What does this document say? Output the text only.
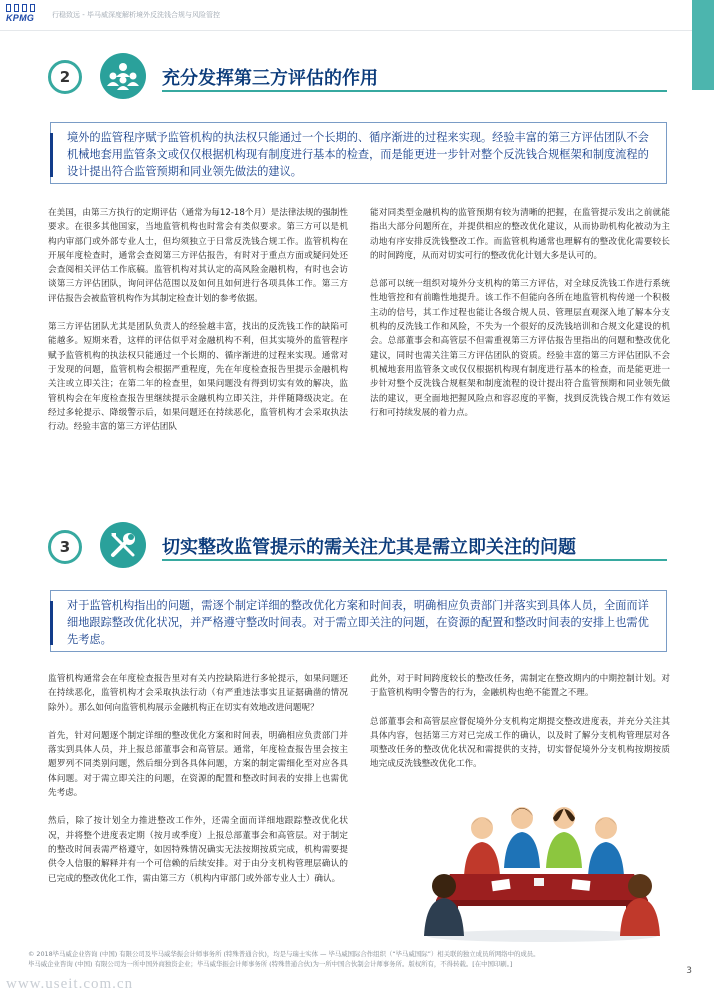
KPMG	行稳致远 - 毕马威深度解析境外反洗钱合规与风险管控
2	充分发挥第三方评估的作用
境外的监管程序赋予监管机构的执法权只能通过一个长期的、循序渐进的过程来实现。经验丰富的第三方评估团队不会机械地套用监管条文或仅仅根据机构现有制度进行基本的检查，而是能更进一步针对整个反洗钱合规框架和制度流程的设计提出符合监管预期和同业领先做法的建议。

在美国，由第三方执行的定期评估（通常为每12-18个月）是法律法规的强制性要求。在很多其他国家，当地监管机构也时常会有类似要求。第三方可以是机构内审部门或外部专业人士，但均须独立于日常反洗钱合规工作。监管机构在开展年度检查时，通常会查阅第三方评估报告，有时对于重点方面或疑问处还会查阅相关评估工作底稿。监管机构对其认定的高风险金融机构，有时也会访谈第三方评估团队，询问评估范围以及如何且如何进行各项具体工作。第三方评估报告会被监管机构作为其制定检查计划的参考依据。

第三方评估团队尤其是团队负责人的经验越丰富，找出的反洗钱工作的缺陷可能越多。短期来看，这样的评估似乎对金融机构不利，但其实境外的监管程序赋予监管机构的执法权只能通过一个长期的、循序渐进的过程来实现。通常对于发现的问题，监管机构会根据严重程度，先在年度检查报告里提示金融机构关注或立即关注；在第二年的检查里，如果问题没有得到切实有效的解决，监管机构会在年度检查报告里继续提示金融机构立即关注，并伴随降级决定。在经过多轮提示、降级警示后，如果问题还在持续恶化，监管机构才会采取执法行动。经验丰富的第三方评估团队

能对同类型金融机构的监管预期有较为清晰的把握，在监管提示发出之前就能指出大部分问题所在，并提供相应的整改优化建议，从而协助机构化被动为主动地有序安排反洗钱整改工作。而监管机构通常也理解有的整改优化需要较长的时间跨度，从而对切实可行的整改优化计划大多是认可的。

总部可以统一组织对境外分支机构的第三方评估，对全球反洗钱工作进行系统性地管控和有前瞻性地提升。该工作不但能向各所在地监管机构传递一个积极主动的信号，其工作过程也能让各级合规人员、管理层直观深入地了解本分支机构的反洗钱工作和风险，不失为一个很好的反洗钱培训和合规文化建设的机会。总部董事会和高管层不但需重视第三方评估报告里指出的问题和整改优化建议，同时也需关注第三方评估团队的资质。经验丰富的第三方评估团队不会机械地套用监管条文或仅仅根据机构现有制度进行基本的检查，而是能更进一步针对整个反洗钱合规框架和制度流程的设计提出符合监管预期和同业领先做法的建议，更全面地把握风险点和容忍度的平衡，找到反洗钱合规工作有效运行和可持续发展的着力点。

3	切实整改监管提示的需关注尤其是需立即关注的问题
对于监管机构指出的问题，需逐个制定详细的整改优化方案和时间表，明确相应负责部门并落实到具体人员，全面而详细地跟踪整改优化状况，并严格遵守整改时间表。对于需立即关注的问题，在资源的配置和整改时间表的安排上也需优先考虑。

监管机构通常会在年度检查报告里对有关内控缺陷进行多轮提示，如果问题还在持续恶化，监管机构才会采取执法行动（有严重违法事实且证据确凿的情况除外）。那么如何向监管机构展示金融机构正在切实有效地改进问题呢？

首先，针对问题逐个制定详细的整改优化方案和时间表，明确相应负责部门并落实到具体人员，并上报总部董事会和高管层。通常，年度检查报告里会按主题罗列不同类别问题，然后细分到各具体问题，方案的制定需细化至对应各具体问题。对于需立即关注的问题，在资源的配置和整改时间表的安排上也需优先考虑。

然后，除了按计划全力推进整改工作外，还需全面而详细地跟踪整改优化状况，并将整个进度表定期（按月或季度）上报总部董事会和高管层。对于制定的整改时间表需严格遵守，如因特殊情况确实无法按期按质完成，机构需要提供令人信服的解释并有一个可信赖的后续安排。对于由分支机构管理层确认的已完成的整改优化工作，需由第三方（机构内审部门或外部专业人士）确认。

此外，对于时间跨度较长的整改任务，需制定在整改期内的中期控制计划。对于监管机构明令警告的行为，金融机构也绝不能置之不理。

总部董事会和高管层应督促境外分支机构定期提交整改进度表，并充分关注其具体内容，包括第三方对已完成工作的确认，以及时了解分支机构管理层对各项整改任务的整改优化状况和需提供的支持，切实督促境外分支机构按期按质地完成反洗钱整改优化工作。

© 2018毕马威企业咨询 (中国) 有限公司及毕马威华振会计师事务所 (特殊普通合伙)，均是与瑞士实体 — 毕马威国际合作组织（“毕马威国际”）相关联的独立成员所网络中的成员。
毕马威企业咨询 (中国) 有限公司为一所中国外商独资企业；毕马威华振会计师事务所 (特殊普通合伙)为一所中国合伙制会计师事务所。版权所有，不得转载。[在中国印刷。]
3
www.useit.com.cn
